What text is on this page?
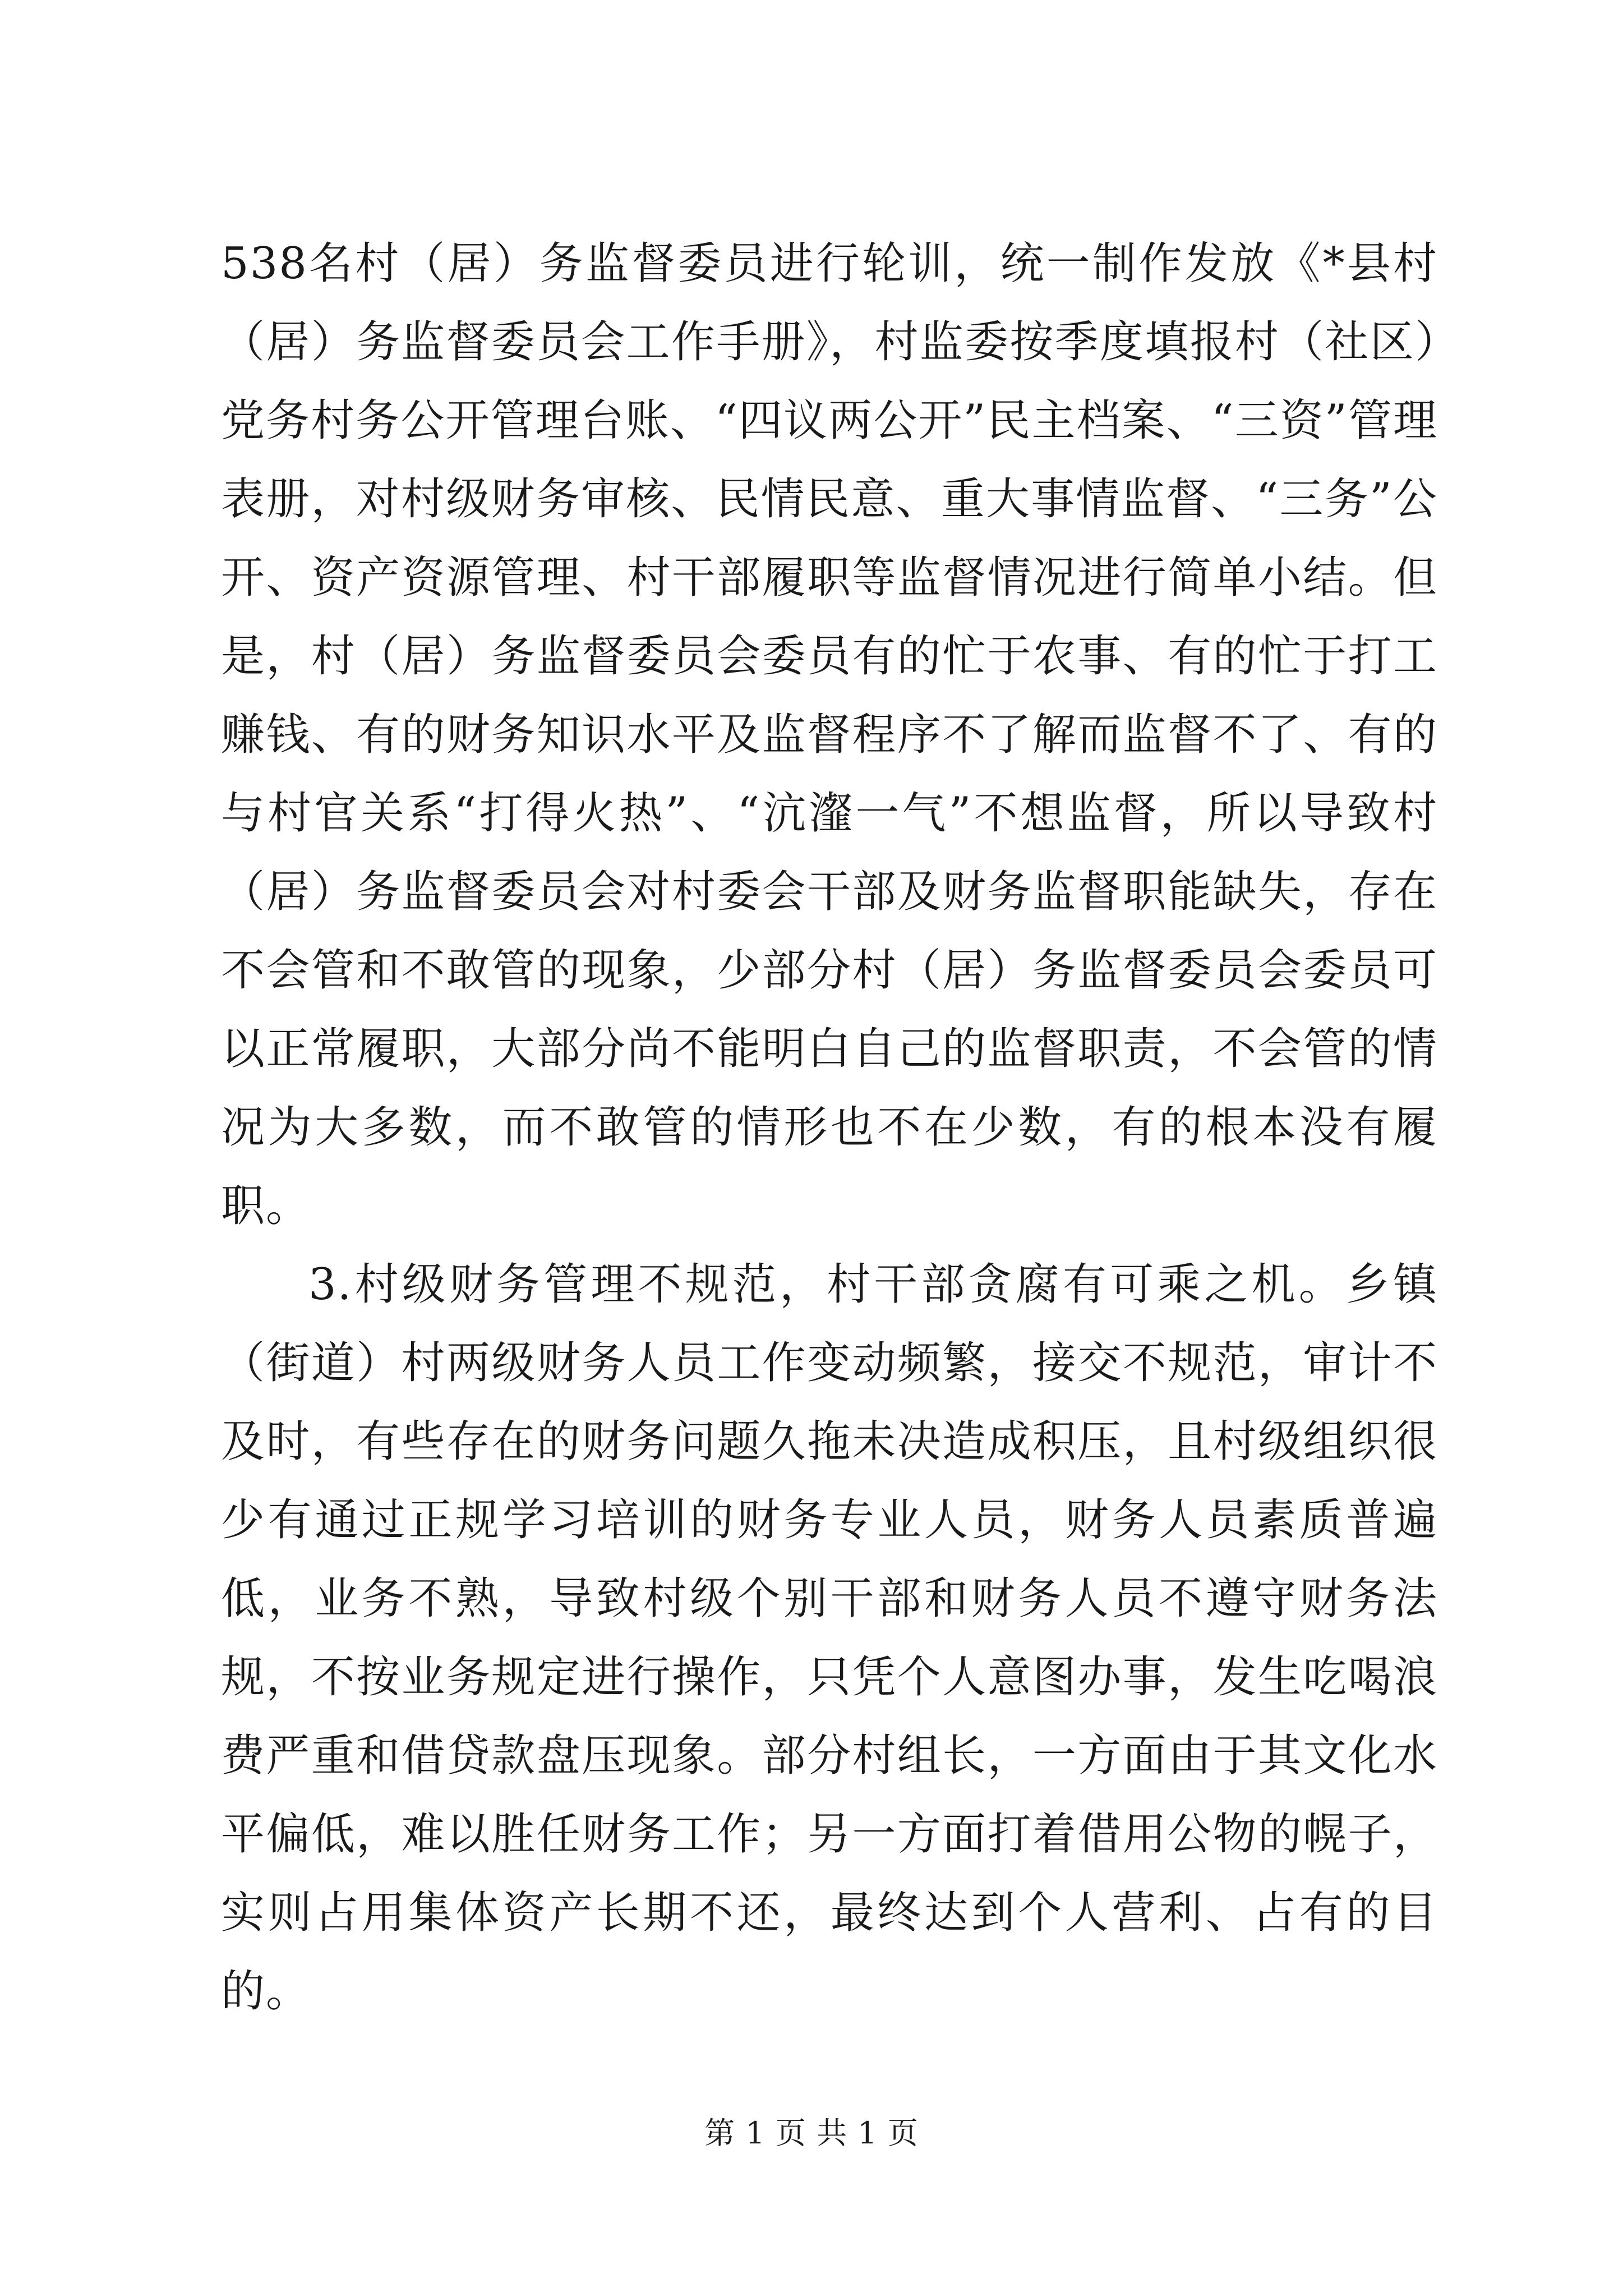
538名村（居）务监督委员进行轮训，统一制作发放《*县村（居）务监督委员会工作手册》，村监委按季度填报村（社区）党务村务公开管理台账、“四议两公开”民主档案、“三资”管理表册，对村级财务审核、民情民意、重大事情监督、“三务”公开、资产资源管理、村干部履职等监督情况进行简单小结。但是，村（居）务监督委员会委员有的忙于农事、有的忙于打工赚钱、有的财务知识水平及监督程序不了解而监督不了、有的与村官关系“打得火热”、“沆瀣一气”不想监督，所以导致村（居）务监督委员会对村委会干部及财务监督职能缺失，存在不会管和不敢管的现象，少部分村（居）务监督委员会委员可以正常履职，大部分尚不能明白自己的监督职责，不会管的情况为大多数，而不敢管的情形也不在少数，有的根本没有履职。

3.村级财务管理不规范，村干部贪腐有可乘之机。乡镇（街道）村两级财务人员工作变动频繁，接交不规范，审计不及时，有些存在的财务问题久拖未决造成积压，且村级组织很少有通过正规学习培训的财务专业人员，财务人员素质普遍低，业务不熟，导致村级个别干部和财务人员不遵守财务法规，不按业务规定进行操作，只凭个人意图办事，发生吃喝浪费严重和借贷款盘压现象。部分村组长，一方面由于其文化水平偏低，难以胜任财务工作；另一方面打着借用公物的幌子，实则占用集体资产长期不还，最终达到个人营利、占有的目的。

第 1 页 共 1 页
